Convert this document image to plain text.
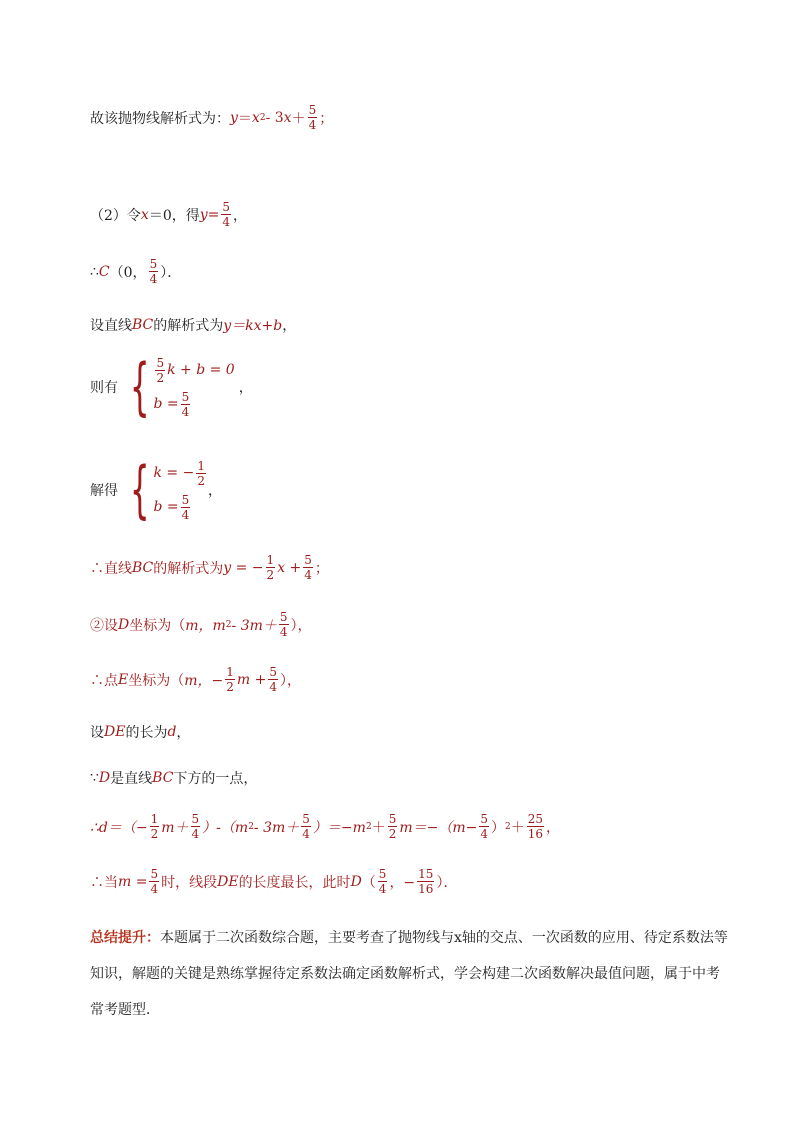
故该抛物线解析式为： y ＝ x 2 - 3 $x + \frac{5}{4}$ ；
（2）令 x ＝0，得 $y = \frac{5}{4}$ ，
∴ C （0， $\frac{5}{4}$ ）．
设直线 BC 的解析式为 y＝kx+b ，
则有 { $\frac{5}{2}$ k + b = 0
$b = \frac{5}{4}$
，
解得 { k = − $\frac{1}{2}$
$b = \frac{5}{4}$
，
∴直线 BC 的解析式为 y = − $\frac{1}{2}$ $x + \frac{5}{4}$ ；
②设 D 坐标为（ m，m $2 - 3m+ \frac{5}{4}$ ），
∴点 E 坐标为（ m，− $\frac{1}{2}$ $m + \frac{5}{4}$ ），
设 DE 的长为 d ，
∵ D 是直线 BC 下方的一点，
∴d＝（− $\frac{1}{2} m+ \frac{5}{4} )-(m$ $2 - 3m+ \frac{5}{4} )=-m$ $2 + \frac{5}{2} m=-(m- \frac{5}{4}$ ） $2 + \frac{25}{16}$ ，
∴当 $m = \frac{5}{4}$ 时，线段 DE 的长度最长，此时 D （ $\frac{5}{4}$ ，− $\frac{15}{16}$ ）．
总结提升：本题属于二次函数综合题，主要考查了抛物线与x轴的交点、一次函数的应用、待定系数法等知识，解题的关键是熟练掌握待定系数法确定函数解析式，学会构建二次函数解决最值问题，属于中考常考题型．
